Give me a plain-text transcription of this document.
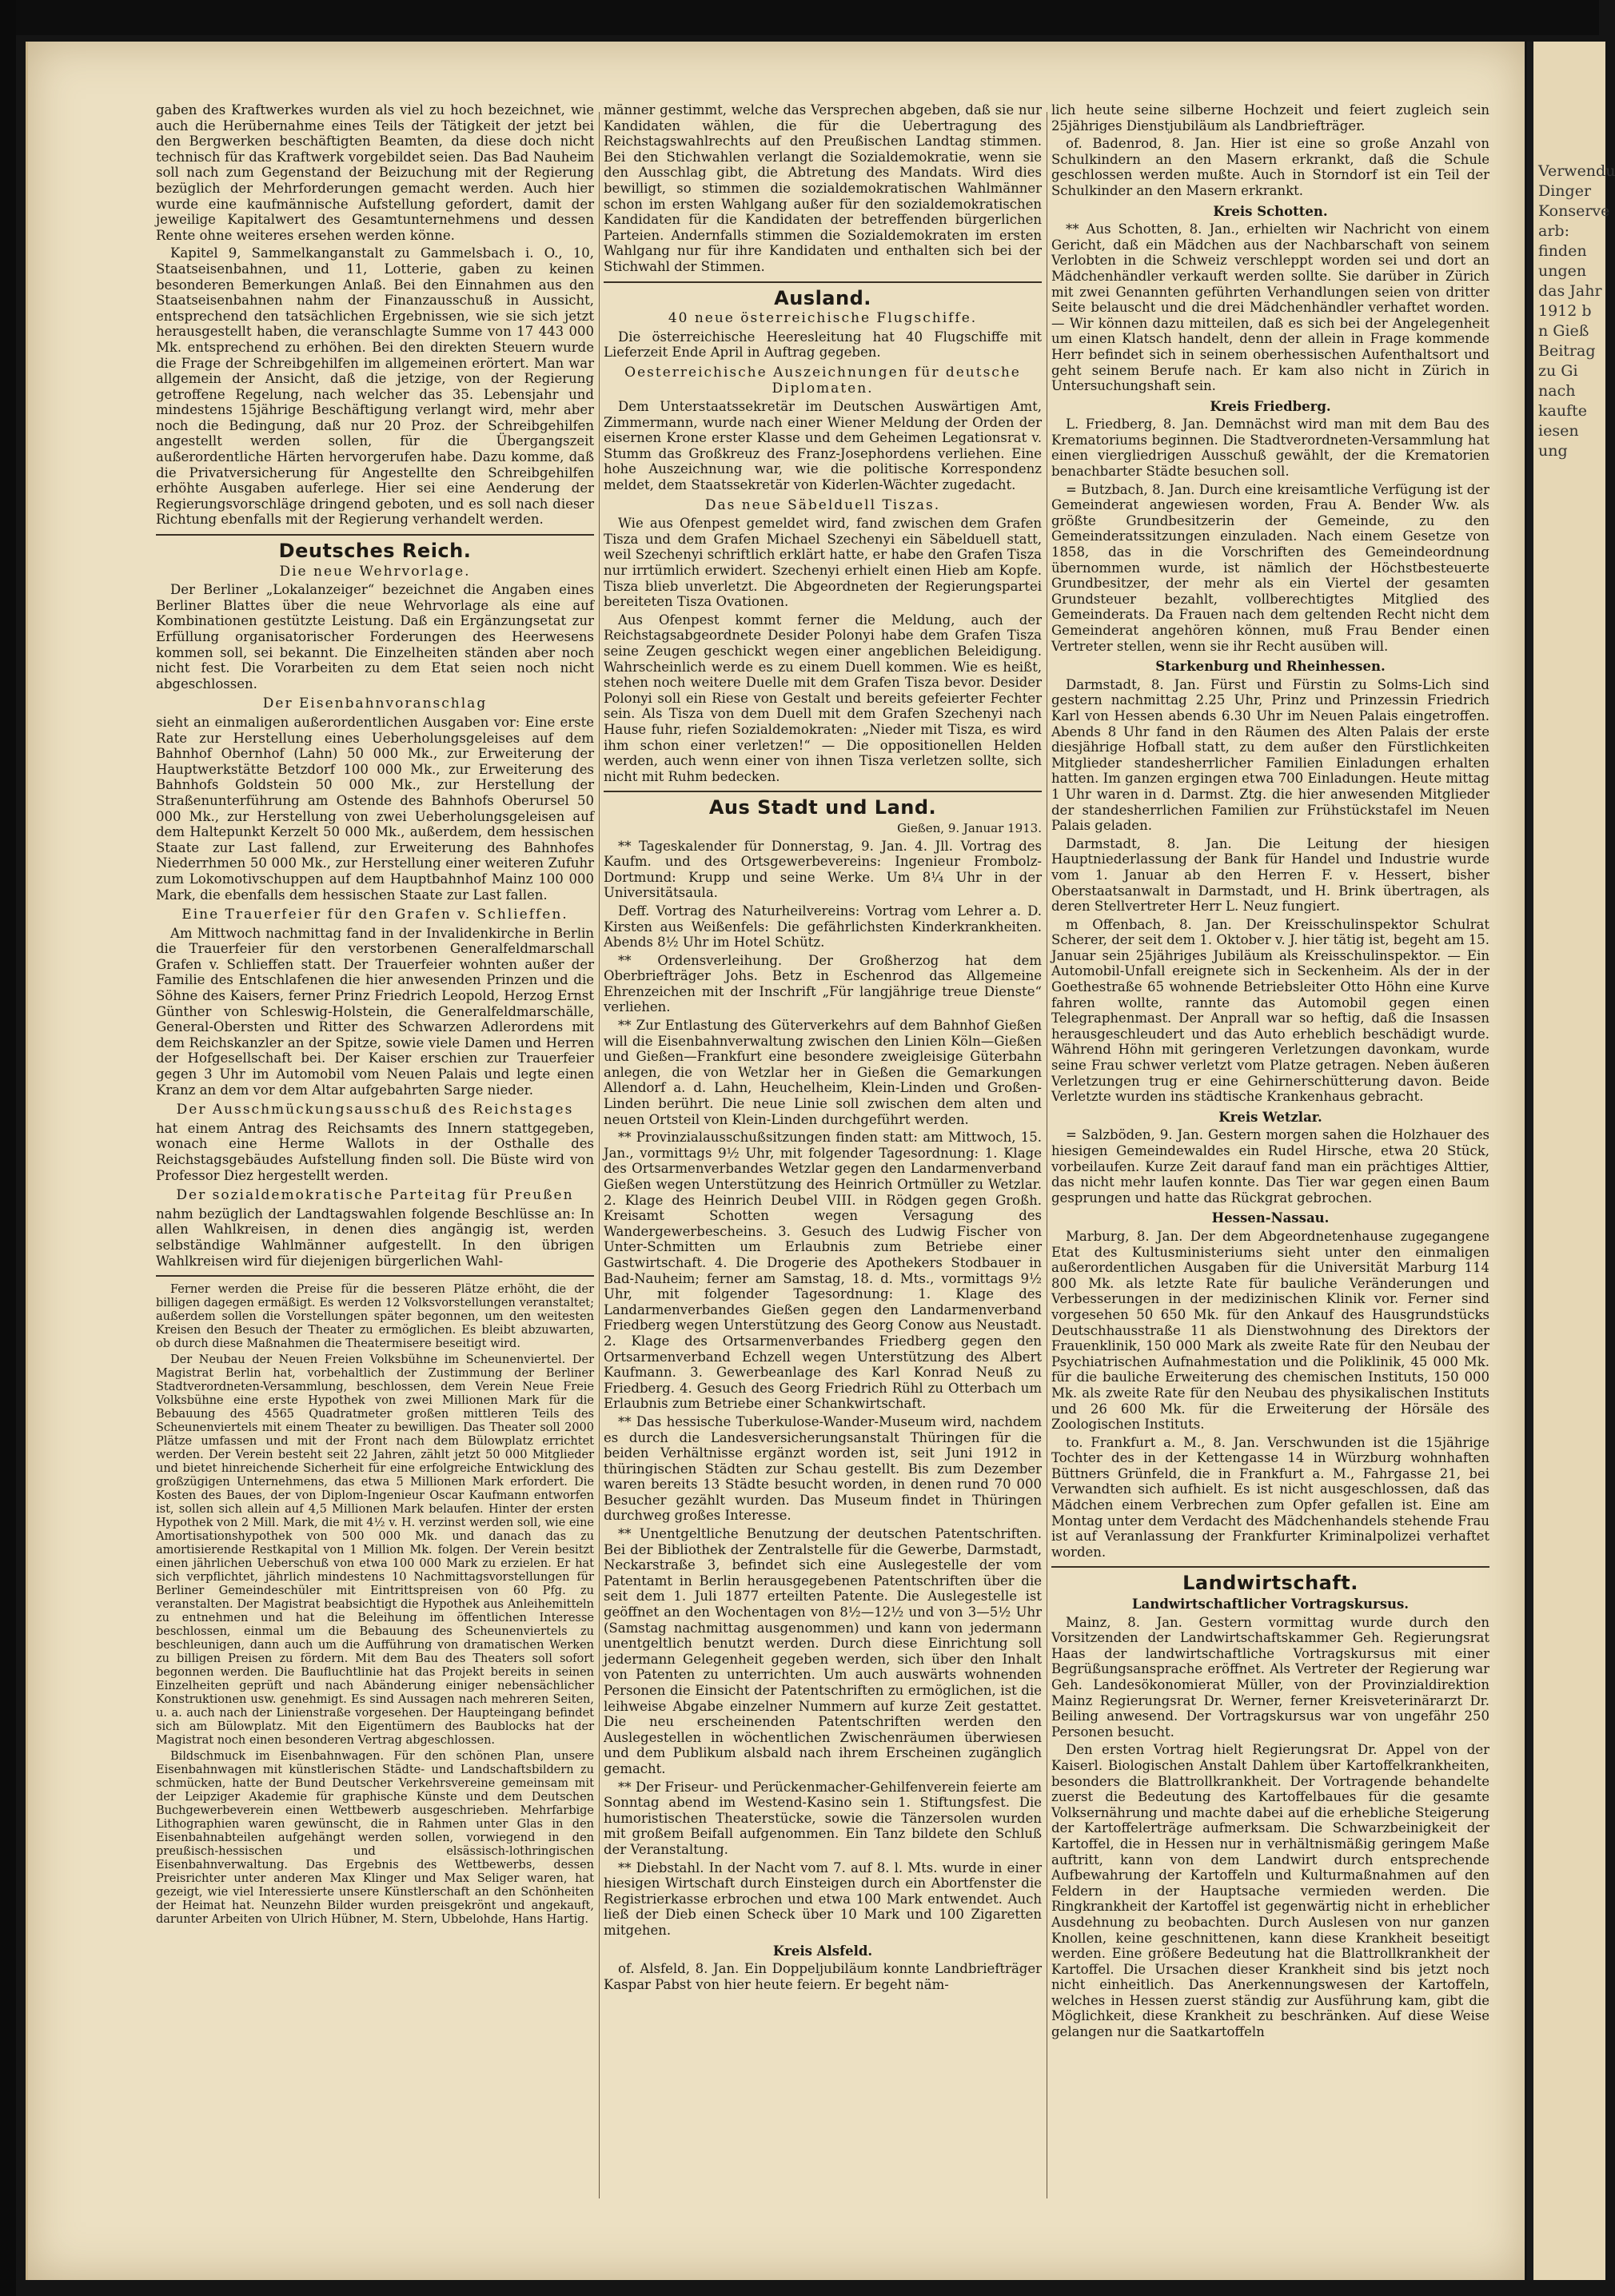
gaben des Kraftwerkes wurden als viel zu hoch bezeichnet, wie auch die Herübernahme eines Teils der Tätigkeit der jetzt bei den Bergwerken beschäftigten Beamten, da diese doch nicht technisch für das Kraftwerk vorgebildet seien. Das Bad Nauheim soll nach zum Gegenstand der Beizuchung mit der Regierung bezüglich der Mehrforderungen gemacht werden. Auch hier wurde eine kaufmännische Aufstellung gefordert, damit der jeweilige Kapitalwert des Gesamtunternehmens und dessen Rente ohne weiteres ersehen werden könne.

Kapitel 9, Sammelkanganstalt zu Gammelsbach i. O., 10, Staatseisenbahnen, und 11, Lotterie, gaben zu keinen besonderen Bemerkungen Anlaß. Bei den Einnahmen aus den Staatseisenbahnen nahm der Finanzausschuß in Aussicht, entsprechend den tatsächlichen Ergebnissen, wie sie sich jetzt herausgestellt haben, die veranschlagte Summe von 17 443 000 Mk. entsprechend zu erhöhen. Bei den direkten Steuern wurde die Frage der Schreibgehilfen im allgemeinen erörtert. Man war allgemein der Ansicht, daß die jetzige, von der Regierung getroffene Regelung, nach welcher das 35. Lebensjahr und mindestens 15jährige Beschäftigung verlangt wird, mehr aber noch die Bedingung, daß nur 20 Proz. der Schreibgehilfen angestellt werden sollen, für die Übergangszeit außerordentliche Härten hervorgerufen habe. Dazu komme, daß die Privatversicherung für Angestellte den Schreibgehilfen erhöhte Ausgaben auferlege. Hier sei eine Aenderung der Regierungsvorschläge dringend geboten, und es soll nach dieser Richtung ebenfalls mit der Regierung verhandelt werden.

Deutsches Reich.
Die neue Wehrvorlage.

Der Berliner „Lokalanzeiger“ bezeichnet die Angaben eines Berliner Blattes über die neue Wehrvorlage als eine auf Kombinationen gestützte Leistung. Daß ein Ergänzungsetat zur Erfüllung organisatorischer Forderungen des Heerwesens kommen soll, sei bekannt. Die Einzelheiten ständen aber noch nicht fest. Die Vorarbeiten zu dem Etat seien noch nicht abgeschlossen.

Der Eisenbahnvoranschlag

sieht an einmaligen außerordentlichen Ausgaben vor: Eine erste Rate zur Herstellung eines Ueberholungsgeleises auf dem Bahnhof Obernhof (Lahn) 50 000 Mk., zur Erweiterung der Hauptwerkstätte Betzdorf 100 000 Mk., zur Erweiterung des Bahnhofs Goldstein 50 000 Mk., zur Herstellung der Straßenunterführung am Ostende des Bahnhofs Oberursel 50 000 Mk., zur Herstellung von zwei Ueberholungsgeleisen auf dem Haltepunkt Kerzelt 50 000 Mk., außerdem, dem hessischen Staate zur Last fallend, zur Erweiterung des Bahnhofes Niederrhmen 50 000 Mk., zur Herstellung einer weiteren Zufuhr zum Lokomotivschuppen auf dem Hauptbahnhof Mainz 100 000 Mark, die ebenfalls dem hessischen Staate zur Last fallen.

Eine Trauerfeier für den Grafen v. Schlieffen.

Am Mittwoch nachmittag fand in der Invalidenkirche in Berlin die Trauerfeier für den verstorbenen Generalfeldmarschall Grafen v. Schlieffen statt. Der Trauerfeier wohnten außer der Familie des Entschlafenen die hier anwesenden Prinzen und die Söhne des Kaisers, ferner Prinz Friedrich Leopold, Herzog Ernst Günther von Schleswig-Holstein, die Generalfeldmarschälle, General-Obersten und Ritter des Schwarzen Adlerordens mit dem Reichskanzler an der Spitze, sowie viele Damen und Herren der Hofgesellschaft bei. Der Kaiser erschien zur Trauerfeier gegen 3 Uhr im Automobil vom Neuen Palais und legte einen Kranz an dem vor dem Altar aufgebahrten Sarge nieder.

Der Ausschmückungsausschuß des Reichstages

hat einem Antrag des Reichsamts des Innern stattgegeben, wonach eine Herme Wallots in der Osthalle des Reichstagsgebäudes Aufstellung finden soll. Die Büste wird von Professor Diez hergestellt werden.

Der sozialdemokratische Parteitag für Preußen

nahm bezüglich der Landtagswahlen folgende Beschlüsse an: In allen Wahlkreisen, in denen dies angängig ist, werden selbständige Wahlmänner aufgestellt. In den übrigen Wahlkreisen wird für diejenigen bürgerlichen Wahl-

Ferner werden die Preise für die besseren Plätze erhöht, die der billigen dagegen ermäßigt. Es werden 12 Volksvorstellungen veranstaltet; außerdem sollen die Vorstellungen später begonnen, um den weitesten Kreisen den Besuch der Theater zu ermöglichen. Es bleibt abzuwarten, ob durch diese Maßnahmen die Theatermisere beseitigt wird.

Der Neubau der Neuen Freien Volksbühne im Scheunenviertel. Der Magistrat Berlin hat, vorbehaltlich der Zustimmung der Berliner Stadtverordneten-Versammlung, beschlossen, dem Verein Neue Freie Volksbühne eine erste Hypothek von zwei Millionen Mark für die Bebauung des 4565 Quadratmeter großen mittleren Teils des Scheunenviertels mit einem Theater zu bewilligen. Das Theater soll 2000 Plätze umfassen und mit der Front nach dem Bülowplatz errichtet werden. Der Verein besteht seit 22 Jahren, zählt jetzt 50 000 Mitglieder und bietet hinreichende Sicherheit für eine erfolgreiche Entwicklung des großzügigen Unternehmens, das etwa 5 Millionen Mark erfordert. Die Kosten des Baues, der von Diplom-Ingenieur Oscar Kaufmann entworfen ist, sollen sich allein auf 4,5 Millionen Mark belaufen. Hinter der ersten Hypothek von 2 Mill. Mark, die mit 4½ v. H. verzinst werden soll, wie eine Amortisationshypothek von 500 000 Mk. und danach das zu amortisierende Restkapital von 1 Million Mk. folgen. Der Verein besitzt einen jährlichen Ueberschuß von etwa 100 000 Mark zu erzielen. Er hat sich verpflichtet, jährlich mindestens 10 Nachmittagsvorstellungen für Berliner Gemeindeschüler mit Eintrittspreisen von 60 Pfg. zu veranstalten. Der Magistrat beabsichtigt die Hypothek aus Anleihemitteln zu entnehmen und hat die Beleihung im öffentlichen Interesse beschlossen, einmal um die Bebauung des Scheunenviertels zu beschleunigen, dann auch um die Aufführung von dramatischen Werken zu billigen Preisen zu fördern. Mit dem Bau des Theaters soll sofort begonnen werden. Die Baufluchtlinie hat das Projekt bereits in seinen Einzelheiten geprüft und nach Abänderung einiger nebensächlicher Konstruktionen usw. genehmigt. Es sind Aussagen nach mehreren Seiten, u. a. auch nach der Linienstraße vorgesehen. Der Haupteingang befindet sich am Bülowplatz. Mit den Eigentümern des Baublocks hat der Magistrat noch einen besonderen Vertrag abgeschlossen.

Bildschmuck im Eisenbahnwagen. Für den schönen Plan, unsere Eisenbahnwagen mit künstlerischen Städte- und Landschaftsbildern zu schmücken, hatte der Bund Deutscher Verkehrsvereine gemeinsam mit der Leipziger Akademie für graphische Künste und dem Deutschen Buchgewerbeverein einen Wettbewerb ausgeschrieben. Mehrfarbige Lithographien waren gewünscht, die in Rahmen unter Glas in den Eisenbahnabteilen aufgehängt werden sollen, vorwiegend in den preußisch-hessischen und elsässisch-lothringischen Eisenbahnverwaltung. Das Ergebnis des Wettbewerbs, dessen Preisrichter unter anderen Max Klinger und Max Seliger waren, hat gezeigt, wie viel Interessierte unsere Künstlerschaft an den Schönheiten der Heimat hat. Neunzehn Bilder wurden preisgekrönt und angekauft, darunter Arbeiten von Ulrich Hübner, M. Stern, Ubbelohde, Hans Hartig.

männer gestimmt, welche das Versprechen abgeben, daß sie nur Kandidaten wählen, die für die Uebertragung des Reichstagswahlrechts auf den Preußischen Landtag stimmen. Bei den Stichwahlen verlangt die Sozialdemokratie, wenn sie den Ausschlag gibt, die Abtretung des Mandats. Wird dies bewilligt, so stimmen die sozialdemokratischen Wahlmänner schon im ersten Wahlgang außer für den sozialdemokratischen Kandidaten für die Kandidaten der betreffenden bürgerlichen Parteien. Andernfalls stimmen die Sozialdemokraten im ersten Wahlgang nur für ihre Kandidaten und enthalten sich bei der Stichwahl der Stimmen.

Ausland.
40 neue österreichische Flugschiffe.

Die österreichische Heeresleitung hat 40 Flugschiffe mit Lieferzeit Ende April in Auftrag gegeben.

Oesterreichische Auszeichnungen für deutsche Diplomaten.

Dem Unterstaatssekretär im Deutschen Auswärtigen Amt, Zimmermann, wurde nach einer Wiener Meldung der Orden der eisernen Krone erster Klasse und dem Geheimen Legationsrat v. Stumm das Großkreuz des Franz-Josephordens verliehen. Eine hohe Auszeichnung war, wie die politische Korrespondenz meldet, dem Staatssekretär von Kiderlen-Wächter zugedacht.

Das neue Säbelduell Tiszas.

Wie aus Ofenpest gemeldet wird, fand zwischen dem Grafen Tisza und dem Grafen Michael Szechenyi ein Säbelduell statt, weil Szechenyi schriftlich erklärt hatte, er habe den Grafen Tisza nur irrtümlich erwidert. Szechenyi erhielt einen Hieb am Kopfe. Tisza blieb unverletzt. Die Abgeordneten der Regierungspartei bereiteten Tisza Ovationen.

Aus Ofenpest kommt ferner die Meldung, auch der Reichstagsabgeordnete Desider Polonyi habe dem Grafen Tisza seine Zeugen geschickt wegen einer angeblichen Beleidigung. Wahrscheinlich werde es zu einem Duell kommen. Wie es heißt, stehen noch weitere Duelle mit dem Grafen Tisza bevor. Desider Polonyi soll ein Riese von Gestalt und bereits gefeierter Fechter sein. Als Tisza von dem Duell mit dem Grafen Szechenyi nach Hause fuhr, riefen Sozialdemokraten: „Nieder mit Tisza, es wird ihm schon einer verletzen!“ — Die oppositionellen Helden werden, auch wenn einer von ihnen Tisza verletzen sollte, sich nicht mit Ruhm bedecken.

Aus Stadt und Land.
Gießen, 9. Januar 1913.

** Tageskalender für Donnerstag, 9. Jan. 4. Jll. Vortrag des Kaufm. und des Ortsgewerbevereins: Ingenieur Frombolz-Dortmund: Krupp und seine Werke. Um 8¼ Uhr in der Universitätsaula.

Deff. Vortrag des Naturheilvereins: Vortrag vom Lehrer a. D. Kirsten aus Weißenfels: Die gefährlichsten Kinderkrankheiten. Abends 8½ Uhr im Hotel Schütz.

** Ordensverleihung. Der Großherzog hat dem Oberbriefträger Johs. Betz in Eschenrod das Allgemeine Ehrenzeichen mit der Inschrift „Für langjährige treue Dienste“ verliehen.

** Zur Entlastung des Güterverkehrs auf dem Bahnhof Gießen will die Eisenbahnverwaltung zwischen den Linien Köln—Gießen und Gießen—Frankfurt eine besondere zweigleisige Güterbahn anlegen, die von Wetzlar her in Gießen die Gemarkungen Allendorf a. d. Lahn, Heuchelheim, Klein-Linden und Großen-Linden berührt. Die neue Linie soll zwischen dem alten und neuen Ortsteil von Klein-Linden durchgeführt werden.

** Provinzialausschußsitzungen finden statt: am Mittwoch, 15. Jan., vormittags 9½ Uhr, mit folgender Tagesordnung: 1. Klage des Ortsarmenverbandes Wetzlar gegen den Landarmenverband Gießen wegen Unterstützung des Heinrich Ortmüller zu Wetzlar. 2. Klage des Heinrich Deubel VIII. in Rödgen gegen Großh. Kreisamt Schotten wegen Versagung des Wandergewerbescheins. 3. Gesuch des Ludwig Fischer von Unter-Schmitten um Erlaubnis zum Betriebe einer Gastwirtschaft. 4. Die Drogerie des Apothekers Stodbauer in Bad-Nauheim; ferner am Samstag, 18. d. Mts., vormittags 9½ Uhr, mit folgender Tagesordnung: 1. Klage des Landarmenverbandes Gießen gegen den Landarmenverband Friedberg wegen Unterstützung des Georg Conow aus Neustadt. 2. Klage des Ortsarmenverbandes Friedberg gegen den Ortsarmenverband Echzell wegen Unterstützung des Albert Kaufmann. 3. Gewerbeanlage des Karl Konrad Neuß zu Friedberg. 4. Gesuch des Georg Friedrich Rühl zu Otterbach um Erlaubnis zum Betriebe einer Schankwirtschaft.

** Das hessische Tuberkulose-Wander-Museum wird, nachdem es durch die Landesversicherungsanstalt Thüringen für die beiden Verhältnisse ergänzt worden ist, seit Juni 1912 in thüringischen Städten zur Schau gestellt. Bis zum Dezember waren bereits 13 Städte besucht worden, in denen rund 70 000 Besucher gezählt wurden. Das Museum findet in Thüringen durchweg großes Interesse.

** Unentgeltliche Benutzung der deutschen Patentschriften. Bei der Bibliothek der Zentralstelle für die Gewerbe, Darmstadt, Neckarstraße 3, befindet sich eine Auslegestelle der vom Patentamt in Berlin herausgegebenen Patentschriften über die seit dem 1. Juli 1877 erteilten Patente. Die Auslegestelle ist geöffnet an den Wochentagen von 8½—12½ und von 3—5½ Uhr (Samstag nachmittag ausgenommen) und kann von jedermann unentgeltlich benutzt werden. Durch diese Einrichtung soll jedermann Gelegenheit gegeben werden, sich über den Inhalt von Patenten zu unterrichten. Um auch auswärts wohnenden Personen die Einsicht der Patentschriften zu ermöglichen, ist die leihweise Abgabe einzelner Nummern auf kurze Zeit gestattet. Die neu erscheinenden Patentschriften werden den Auslegestellen in wöchentlichen Zwischenräumen überwiesen und dem Publikum alsbald nach ihrem Erscheinen zugänglich gemacht.

** Der Friseur- und Perückenmacher-Gehilfenverein feierte am Sonntag abend im Westend-Kasino sein 1. Stiftungsfest. Die humoristischen Theaterstücke, sowie die Tänzersolen wurden mit großem Beifall aufgenommen. Ein Tanz bildete den Schluß der Veranstaltung.

** Diebstahl. In der Nacht vom 7. auf 8. l. Mts. wurde in einer hiesigen Wirtschaft durch Einsteigen durch ein Abortfenster die Registrierkasse erbrochen und etwa 100 Mark entwendet. Auch ließ der Dieb einen Scheck über 10 Mark und 100 Zigaretten mitgehen.

Kreis Alsfeld.

of. Alsfeld, 8. Jan. Ein Doppeljubiläum konnte Landbriefträger Kaspar Pabst von hier heute feiern. Er begeht näm-

lich heute seine silberne Hochzeit und feiert zugleich sein 25jähriges Dienstjubiläum als Landbriefträger.

of. Badenrod, 8. Jan. Hier ist eine so große Anzahl von Schulkindern an den Masern erkrankt, daß die Schule geschlossen werden mußte. Auch in Storndorf ist ein Teil der Schulkinder an den Masern erkrankt.

Kreis Schotten.

** Aus Schotten, 8. Jan., erhielten wir Nachricht von einem Gericht, daß ein Mädchen aus der Nachbarschaft von seinem Verlobten in die Schweiz verschleppt worden sei und dort an Mädchenhändler verkauft werden sollte. Sie darüber in Zürich mit zwei Genannten geführten Verhandlungen seien von dritter Seite belauscht und die drei Mädchenhändler verhaftet worden. — Wir können dazu mitteilen, daß es sich bei der Angelegenheit um einen Klatsch handelt, denn der allein in Frage kommende Herr befindet sich in seinem oberhessischen Aufenthaltsort und geht seinem Berufe nach. Er kam also nicht in Zürich in Untersuchungshaft sein.

Kreis Friedberg.

L. Friedberg, 8. Jan. Demnächst wird man mit dem Bau des Krematoriums beginnen. Die Stadtverordneten-Versammlung hat einen viergliedrigen Ausschuß gewählt, der die Krematorien benachbarter Städte besuchen soll.

= Butzbach, 8. Jan. Durch eine kreisamtliche Verfügung ist der Gemeinderat angewiesen worden, Frau A. Bender Ww. als größte Grundbesitzerin der Gemeinde, zu den Gemeinderatssitzungen einzuladen. Nach einem Gesetze von 1858, das in die Vorschriften des Gemeindeordnung übernommen wurde, ist nämlich der Höchstbesteuerte Grundbesitzer, der mehr als ein Viertel der gesamten Grundsteuer bezahlt, vollberechtigtes Mitglied des Gemeinderats. Da Frauen nach dem geltenden Recht nicht dem Gemeinderat angehören können, muß Frau Bender einen Vertreter stellen, wenn sie ihr Recht ausüben will.

Starkenburg und Rheinhessen.

Darmstadt, 8. Jan. Fürst und Fürstin zu Solms-Lich sind gestern nachmittag 2.25 Uhr, Prinz und Prinzessin Friedrich Karl von Hessen abends 6.30 Uhr im Neuen Palais eingetroffen. Abends 8 Uhr fand in den Räumen des Alten Palais der erste diesjährige Hofball statt, zu dem außer den Fürstlichkeiten Mitglieder standesherrlicher Familien Einladungen erhalten hatten. Im ganzen ergingen etwa 700 Einladungen. Heute mittag 1 Uhr waren in d. Darmst. Ztg. die hier anwesenden Mitglieder der standesherrlichen Familien zur Frühstückstafel im Neuen Palais geladen.

Darmstadt, 8. Jan. Die Leitung der hiesigen Hauptniederlassung der Bank für Handel und Industrie wurde vom 1. Januar ab den Herren F. v. Hessert, bisher Oberstaatsanwalt in Darmstadt, und H. Brink übertragen, als deren Stellvertreter Herr L. Neuz fungiert.

m Offenbach, 8. Jan. Der Kreisschulinspektor Schulrat Scherer, der seit dem 1. Oktober v. J. hier tätig ist, begeht am 15. Januar sein 25jähriges Jubiläum als Kreisschulinspektor. — Ein Automobil-Unfall ereignete sich in Seckenheim. Als der in der Goethestraße 65 wohnende Betriebsleiter Otto Höhn eine Kurve fahren wollte, rannte das Automobil gegen einen Telegraphenmast. Der Anprall war so heftig, daß die Insassen herausgeschleudert und das Auto erheblich beschädigt wurde. Während Höhn mit geringeren Verletzungen davonkam, wurde seine Frau schwer verletzt vom Platze getragen. Neben äußeren Verletzungen trug er eine Gehirnerschütterung davon. Beide Verletzte wurden ins städtische Krankenhaus gebracht.

Kreis Wetzlar.

= Salzböden, 9. Jan. Gestern morgen sahen die Holzhauer des hiesigen Gemeindewaldes ein Rudel Hirsche, etwa 20 Stück, vorbeilaufen. Kurze Zeit darauf fand man ein prächtiges Alttier, das nicht mehr laufen konnte. Das Tier war gegen einen Baum gesprungen und hatte das Rückgrat gebrochen.

Hessen-Nassau.

Marburg, 8. Jan. Der dem Abgeordnetenhause zugegangene Etat des Kultusministeriums sieht unter den einmaligen außerordentlichen Ausgaben für die Universität Marburg 114 800 Mk. als letzte Rate für bauliche Veränderungen und Verbesserungen in der medizinischen Klinik vor. Ferner sind vorgesehen 50 650 Mk. für den Ankauf des Hausgrundstücks Deutschhausstraße 11 als Dienstwohnung des Direktors der Frauenklinik, 150 000 Mark als zweite Rate für den Neubau der Psychiatrischen Aufnahmestation und die Poliklinik, 45 000 Mk. für die bauliche Erweiterung des chemischen Instituts, 150 000 Mk. als zweite Rate für den Neubau des physikalischen Instituts und 26 600 Mk. für die Erweiterung der Hörsäle des Zoologischen Instituts.

to. Frankfurt a. M., 8. Jan. Verschwunden ist die 15jährige Tochter des in der Kettengasse 14 in Würzburg wohnhaften Büttners Grünfeld, die in Frankfurt a. M., Fahrgasse 21, bei Verwandten sich aufhielt. Es ist nicht ausgeschlossen, daß das Mädchen einem Verbrechen zum Opfer gefallen ist. Eine am Montag unter dem Verdacht des Mädchenhandels stehende Frau ist auf Veranlassung der Frankfurter Kriminalpolizei verhaftet worden.

Landwirtschaft.
Landwirtschaftlicher Vortragskursus.

Mainz, 8. Jan. Gestern vormittag wurde durch den Vorsitzenden der Landwirtschaftskammer Geh. Regierungsrat Haas der landwirtschaftliche Vortragskursus mit einer Begrüßungsansprache eröffnet. Als Vertreter der Regierung war Geh. Landesökonomierat Müller, von der Provinzialdirektion Mainz Regierungsrat Dr. Werner, ferner Kreisveterinärarzt Dr. Beiling anwesend. Der Vortragskursus war von ungefähr 250 Personen besucht.

Den ersten Vortrag hielt Regierungsrat Dr. Appel von der Kaiserl. Biologischen Anstalt Dahlem über Kartoffelkrankheiten, besonders die Blattrollkrankheit. Der Vortragende behandelte zuerst die Bedeutung des Kartoffelbaues für die gesamte Volksernährung und machte dabei auf die erhebliche Steigerung der Kartoffelerträge aufmerksam. Die Schwarzbeinigkeit der Kartoffel, die in Hessen nur in verhältnismäßig geringem Maße auftritt, kann von dem Landwirt durch entsprechende Aufbewahrung der Kartoffeln und Kulturmaßnahmen auf den Feldern in der Hauptsache vermieden werden. Die Ringkrankheit der Kartoffel ist gegenwärtig nicht in erheblicher Ausdehnung zu beobachten. Durch Auslesen von nur ganzen Knollen, keine geschnittenen, kann diese Krankheit beseitigt werden. Eine größere Bedeutung hat die Blattrollkrankheit der Kartoffel. Die Ursachen dieser Krankheit sind bis jetzt noch nicht einheitlich. Das Anerkennungswesen der Kartoffeln, welches in Hessen zuerst ständig zur Ausführung kam, gibt die Möglichkeit, diese Krankheit zu beschränken. Auf diese Weise gelangen nur die Saatkartoffeln

Verwendu
Dinger
Konserve
arb:
finden
ungen
das Jahr
1912 b
n Gieß
Beitrag
zu Gi
nach
kaufte
iesen
ung
